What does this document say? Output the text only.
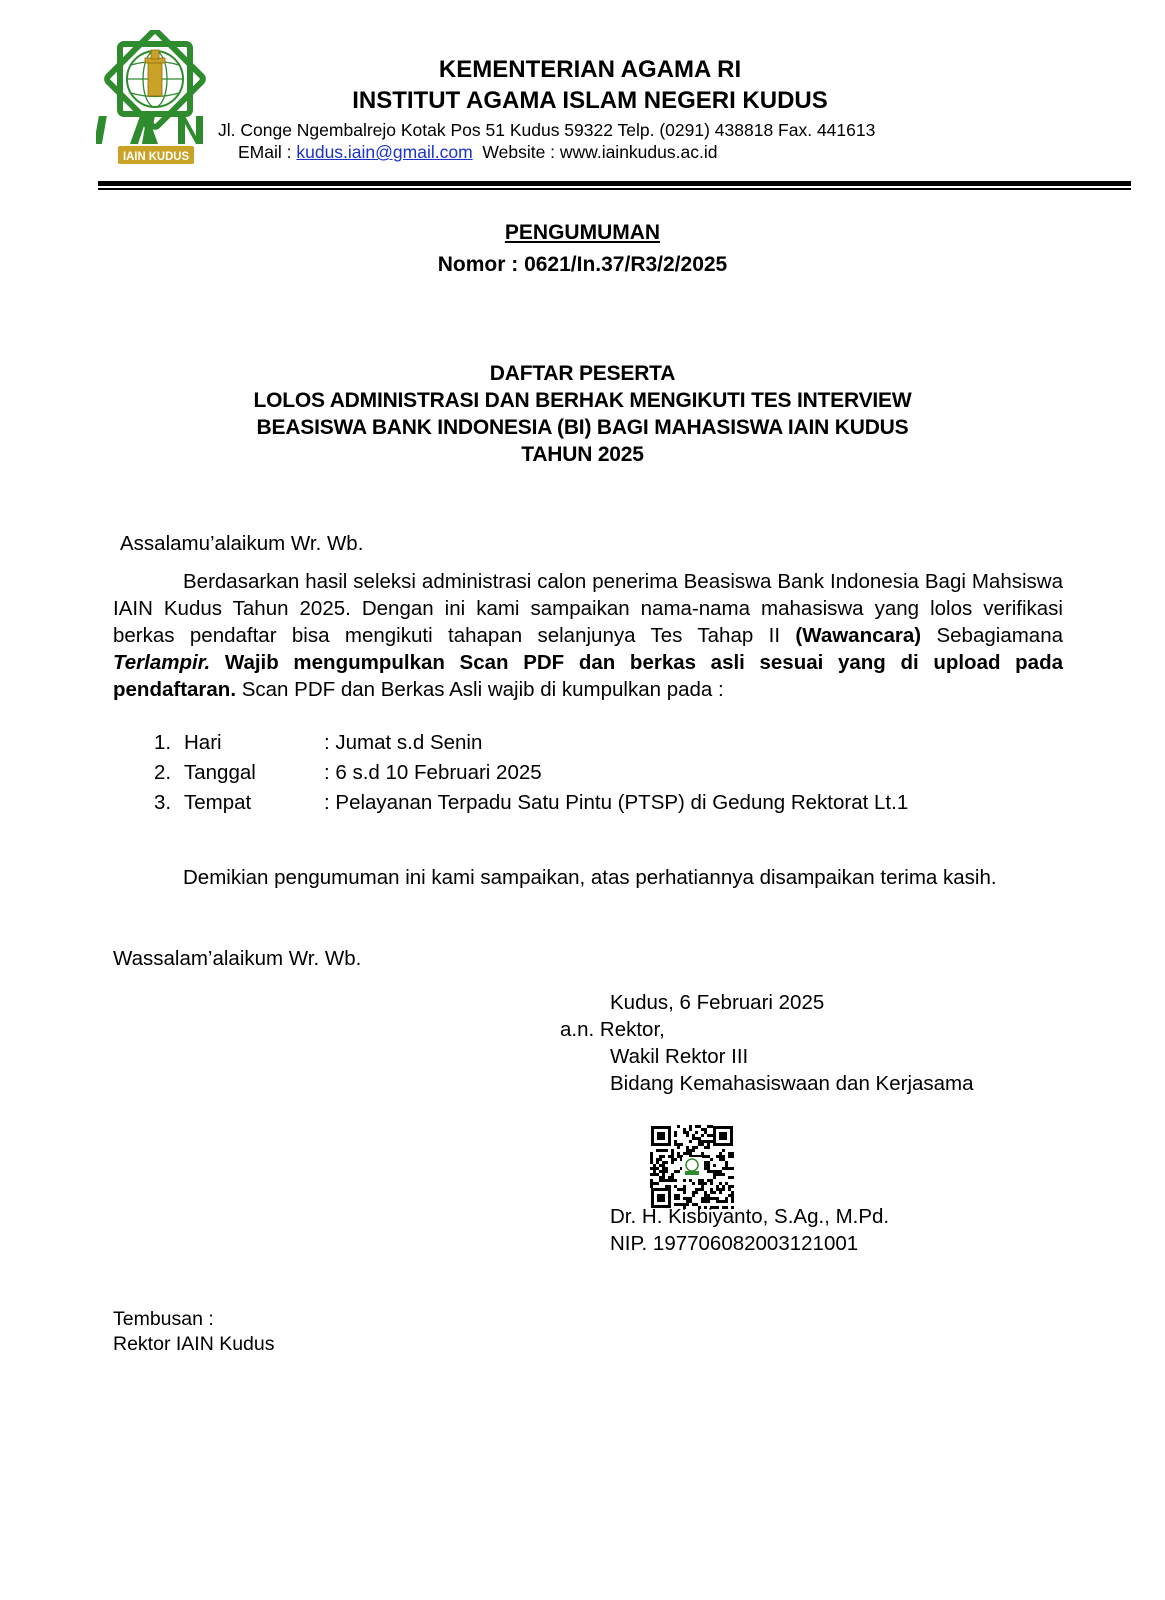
IAIN KUDUS
KEMENTERIAN AGAMA RI
INSTITUT AGAMA ISLAM NEGERI KUDUS
Jl. Conge Ngembalrejo Kotak Pos 51 Kudus 59322 Telp. (0291) 438818 Fax. 441613
EMail : kudus.iain@gmail.com  Website : www.iainkudus.ac.id
PENGUMUMAN
Nomor : 0621/In.37/R3/2/2025
DAFTAR PESERTA
LOLOS ADMINISTRASI DAN BERHAK MENGIKUTI TES INTERVIEW
BEASISWA BANK INDONESIA (BI) BAGI MAHASISWA IAIN KUDUS
TAHUN 2025
Assalamu’alaikum Wr. Wb.
Berdasarkan hasil seleksi administrasi calon penerima Beasiswa Bank Indonesia Bagi Mahsiswa IAIN Kudus Tahun 2025. Dengan ini kami sampaikan nama-nama mahasiswa yang lolos verifikasi berkas pendaftar bisa mengikuti tahapan selanjunya Tes Tahap II (Wawancara) Sebagiamana Terlampir. Wajib mengumpulkan Scan PDF dan berkas asli sesuai yang di upload pada pendaftaran. Scan PDF dan Berkas Asli wajib di kumpulkan pada :
1. Hari	: Jumat s.d Senin
2. Tanggal	: 6 s.d 10 Februari 2025
3. Tempat	: Pelayanan Terpadu Satu Pintu (PTSP) di Gedung Rektorat Lt.1
Demikian pengumuman ini kami sampaikan, atas perhatiannya disampaikan terima kasih.
Wassalam’alaikum Wr. Wb.
Kudus, 6 Februari 2025
a.n. Rektor,
Wakil Rektor III
Bidang Kemahasiswaan dan Kerjasama
Dr. H. Kisbiyanto, S.Ag., M.Pd.
NIP. 197706082003121001
Tembusan :
Rektor IAIN Kudus
